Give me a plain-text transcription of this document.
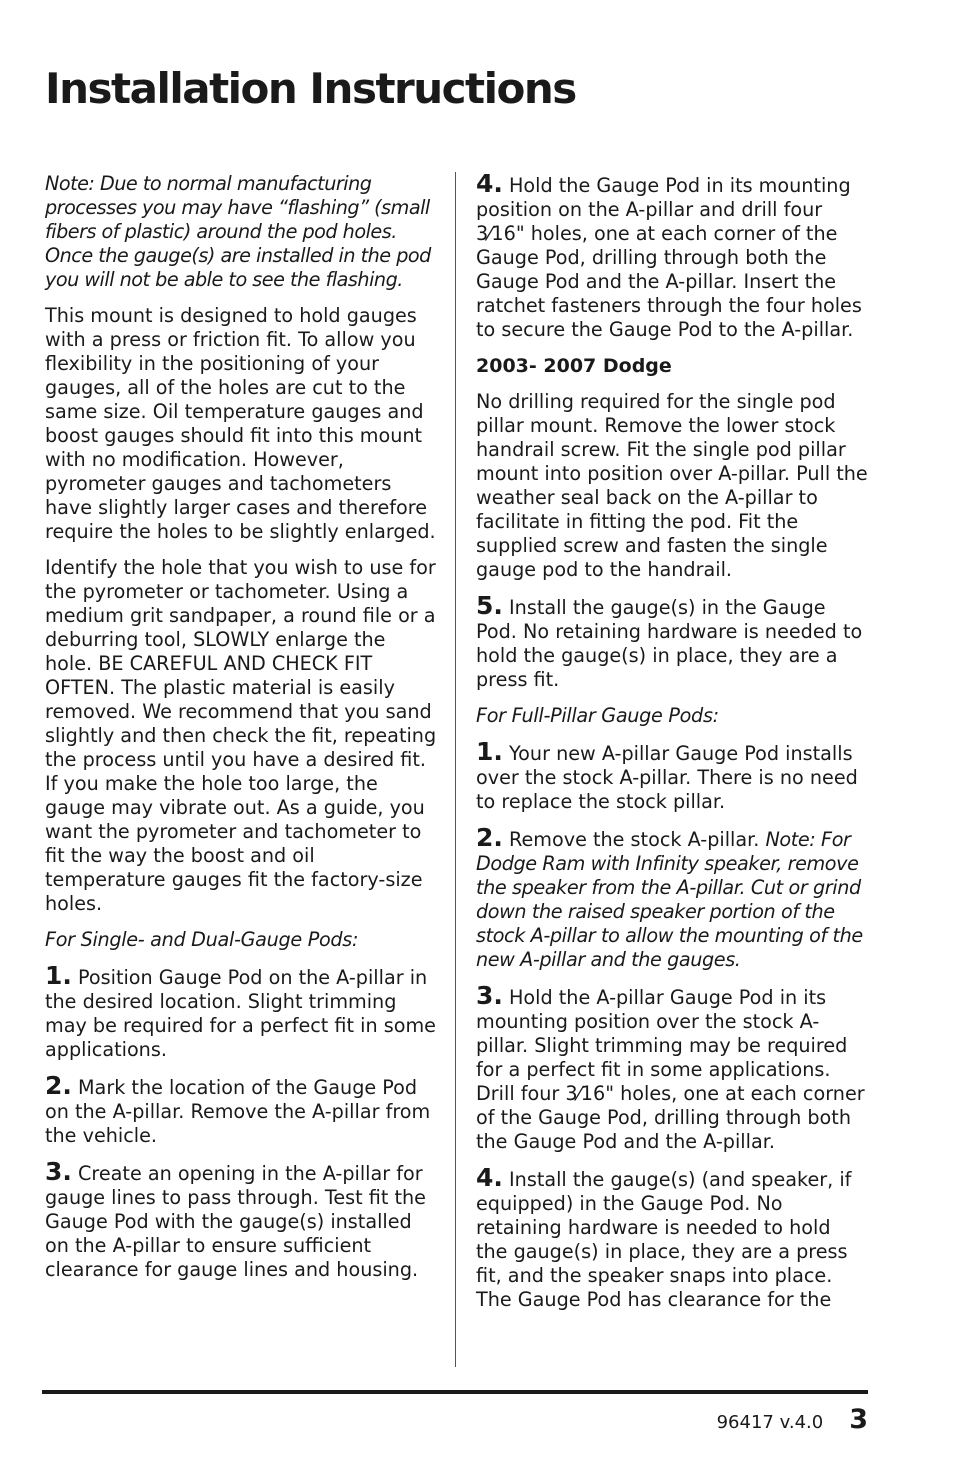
Installation Instructions

Note: Due to normal manufacturing processes you may have “flashing” (small fibers of plastic) around the pod holes. Once the gauge(s) are installed in the pod you will not be able to see the flashing.

This mount is designed to hold gauges with a press or friction fit. To allow you flexibility in the positioning of your gauges, all of the holes are cut to the same size. Oil temperature gauges and boost gauges should fit into this mount with no modification. However, pyrometer gauges and tachometers have slightly larger cases and therefore require the holes to be slightly enlarged.

Identify the hole that you wish to use for the pyrometer or tachometer. Using a medium grit sandpaper, a round file or a deburring tool, SLOWLY enlarge the hole. BE CAREFUL AND CHECK FIT OFTEN. The plastic material is easily removed. We recommend that you sand slightly and then check the fit, repeating the process until you have a desired fit. If you make the hole too large, the gauge may vibrate out. As a guide, you want the pyrometer and tachometer to fit the way the boost and oil temperature gauges fit the factory-size holes.

For Single- and Dual-Gauge Pods:

1. Position Gauge Pod on the A-pillar in the desired location. Slight trimming may be required for a perfect fit in some applications.

2. Mark the location of the Gauge Pod on the A-pillar. Remove the A-pillar from the vehicle.

3. Create an opening in the A-pillar for gauge lines to pass through. Test fit the Gauge Pod with the gauge(s) installed on the A-pillar to ensure sufficient clearance for gauge lines and housing.

4. Hold the Gauge Pod in its mounting position on the A-pillar and drill four 3⁄16" holes, one at each corner of the Gauge Pod, drilling through both the Gauge Pod and the A-pillar. Insert the ratchet fasteners through the four holes to secure the Gauge Pod to the A-pillar.

2003- 2007 Dodge

No drilling required for the single pod pillar mount. Remove the lower stock handrail screw. Fit the single pod pillar mount into position over A-pillar. Pull the weather seal back on the A-pillar to facilitate in fitting the pod. Fit the supplied screw and fasten the single gauge pod to the handrail.

5. Install the gauge(s) in the Gauge Pod. No retaining hardware is needed to hold the gauge(s) in place, they are a press fit.

For Full-Pillar Gauge Pods:

1. Your new A-pillar Gauge Pod installs over the stock A-pillar. There is no need to replace the stock pillar.

2. Remove the stock A-pillar. Note: For Dodge Ram with Infinity speaker, remove the speaker from the A-pillar. Cut or grind down the raised speaker portion of the stock A-pillar to allow the mounting of the new A-pillar and the gauges.

3. Hold the A-pillar Gauge Pod in its mounting position over the stock A-pillar. Slight trimming may be required for a perfect fit in some applications. Drill four 3⁄16" holes, one at each corner of the Gauge Pod, drilling through both the Gauge Pod and the A-pillar.

4. Install the gauge(s) (and speaker, if equipped) in the Gauge Pod. No retaining hardware is needed to hold the gauge(s) in place, they are a press fit, and the speaker snaps into place. The Gauge Pod has clearance for the

96417 v.4.0 3
